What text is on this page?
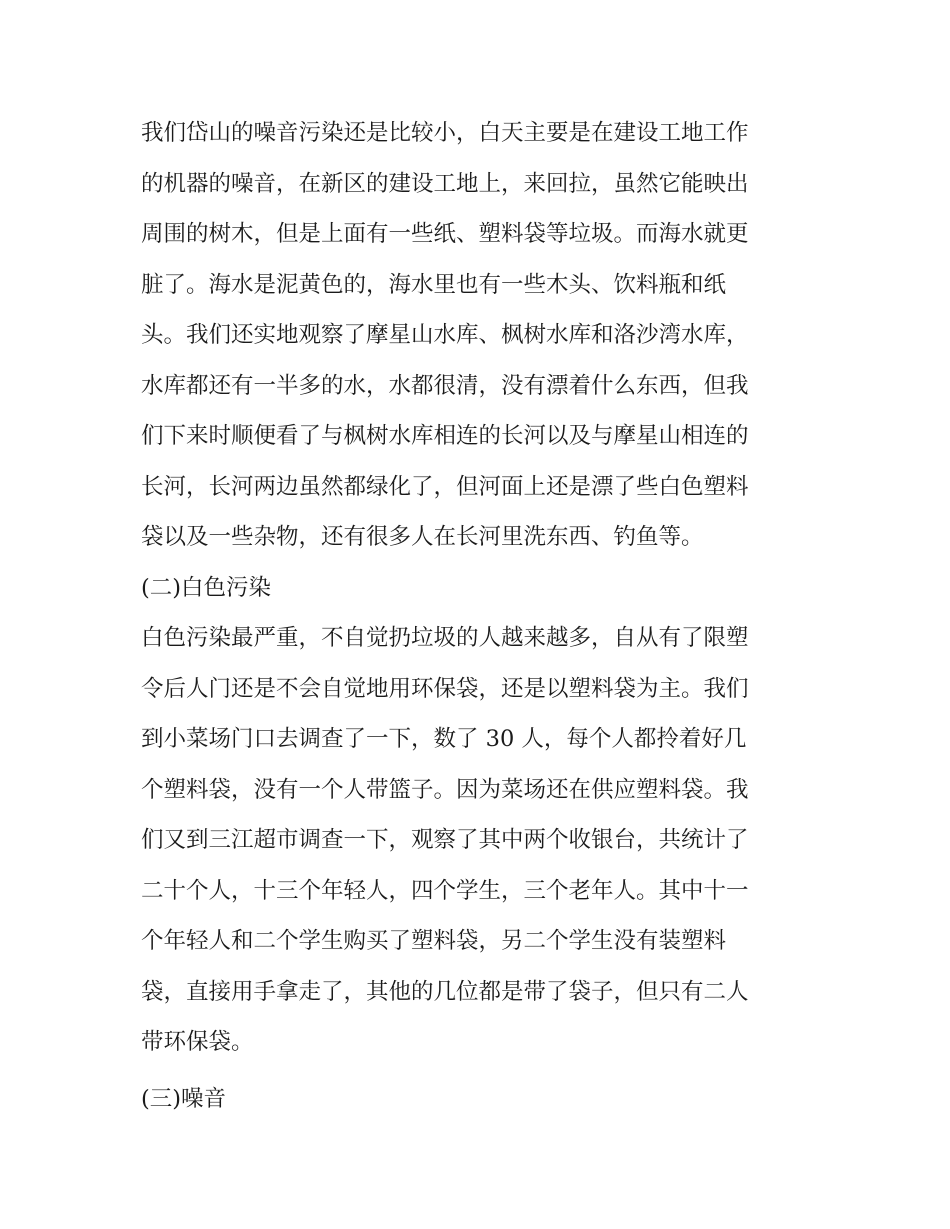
我们岱山的噪音污染还是比较小，白天主要是在建设工地工作
的机器的噪音，在新区的建设工地上，来回拉，虽然它能映出
周围的树木，但是上面有一些纸、塑料袋等垃圾。而海水就更
脏了。海水是泥黄色的，海水里也有一些木头、饮料瓶和纸
头。我们还实地观察了摩星山水库、枫树水库和洛沙湾水库，
水库都还有一半多的水，水都很清，没有漂着什么东西，但我
们下来时顺便看了与枫树水库相连的长河以及与摩星山相连的
长河，长河两边虽然都绿化了，但河面上还是漂了些白色塑料
袋以及一些杂物，还有很多人在长河里洗东西、钓鱼等。
(二)白色污染
白色污染最严重，不自觉扔垃圾的人越来越多，自从有了限塑
令后人门还是不会自觉地用环保袋，还是以塑料袋为主。我们
到小菜场门口去调查了一下，数了 30 人，每个人都拎着好几
个塑料袋，没有一个人带篮子。因为菜场还在供应塑料袋。我
们又到三江超市调查一下，观察了其中两个收银台，共统计了
二十个人，十三个年轻人，四个学生，三个老年人。其中十一
个年轻人和二个学生购买了塑料袋，另二个学生没有装塑料
袋，直接用手拿走了，其他的几位都是带了袋子，但只有二人
带环保袋。
(三)噪音
